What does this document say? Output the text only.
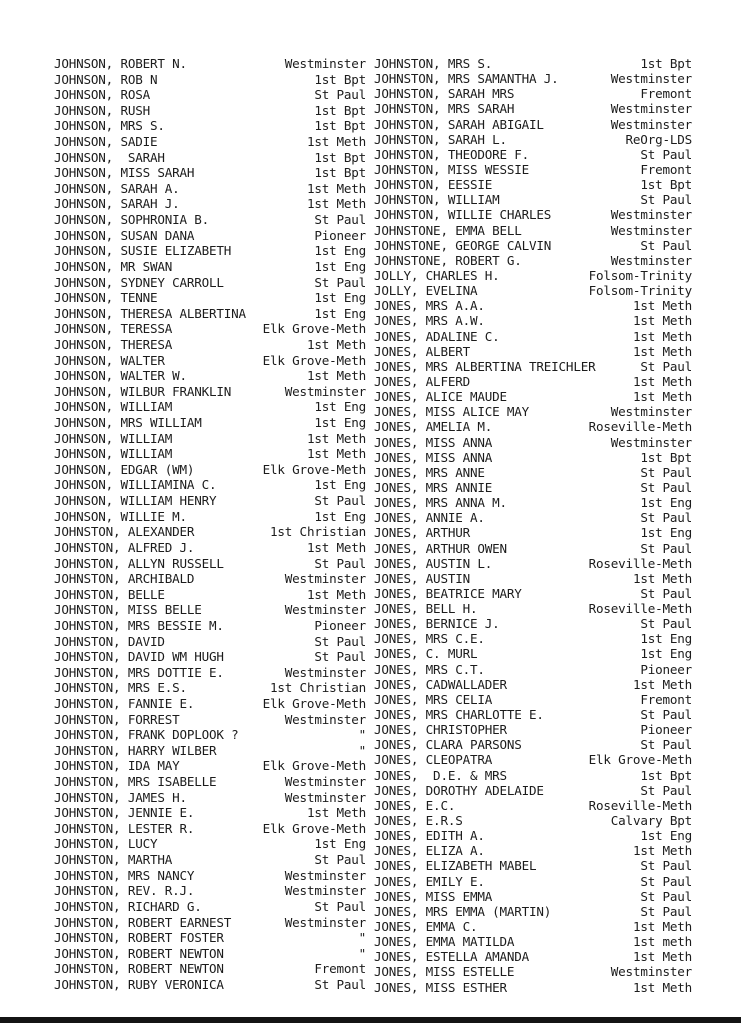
JOHNSON, ROBERT N.	Westminster
JOHNSON, ROB N	1st Bpt
JOHNSON, ROSA	St Paul
JOHNSON, RUSH	1st Bpt
JOHNSON, MRS S.	1st Bpt
JOHNSON, SADIE	1st Meth
JOHNSON,  SARAH	1st Bpt
JOHNSON, MISS SARAH	1st Bpt
JOHNSON, SARAH A.	1st Meth
JOHNSON, SARAH J.	1st Meth
JOHNSON, SOPHRONIA B.	St Paul
JOHNSON, SUSAN DANA	Pioneer
JOHNSON, SUSIE ELIZABETH	1st Eng
JOHNSON, MR SWAN	1st Eng
JOHNSON, SYDNEY CARROLL	St Paul
JOHNSON, TENNE	1st Eng
JOHNSON, THERESA ALBERTINA	1st Eng
JOHNSON, TERESSA	Elk Grove-Meth
JOHNSON, THERESA	1st Meth
JOHNSON, WALTER	Elk Grove-Meth
JOHNSON, WALTER W.	1st Meth
JOHNSON, WILBUR FRANKLIN	Westminster
JOHNSON, WILLIAM	1st Eng
JOHNSON, MRS WILLIAM	1st Eng
JOHNSON, WILLIAM	1st Meth
JOHNSON, WILLIAM	1st Meth
JOHNSON, EDGAR (WM)	Elk Grove-Meth
JOHNSON, WILLIAMINA C.	1st Eng
JOHNSON, WILLIAM HENRY	St Paul
JOHNSON, WILLIE M.	1st Eng
JOHNSTON, ALEXANDER	1st Christian
JOHNSTON, ALFRED J.	1st Meth
JOHNSTON, ALLYN RUSSELL	St Paul
JOHNSTON, ARCHIBALD	Westminster
JOHNSTON, BELLE	1st Meth
JOHNSTON, MISS BELLE	Westminster
JOHNSTON, MRS BESSIE M.	Pioneer
JOHNSTON, DAVID	St Paul
JOHNSTON, DAVID WM HUGH	St Paul
JOHNSTON, MRS DOTTIE E.	Westminster
JOHNSTON, MRS E.S.	1st Christian
JOHNSTON, FANNIE E.	Elk Grove-Meth
JOHNSTON, FORREST	Westminster
JOHNSTON, FRANK DOPLOOK ?	"
JOHNSTON, HARRY WILBER	"
JOHNSTON, IDA MAY	Elk Grove-Meth
JOHNSTON, MRS ISABELLE	Westminster
JOHNSTON, JAMES H.	Westminster
JOHNSTON, JENNIE E.	1st Meth
JOHNSTON, LESTER R.	Elk Grove-Meth
JOHNSTON, LUCY	1st Eng
JOHNSTON, MARTHA	St Paul
JOHNSTON, MRS NANCY	Westminster
JOHNSTON, REV. R.J.	Westminster
JOHNSTON, RICHARD G.	St Paul
JOHNSTON, ROBERT EARNEST	Westminster
JOHNSTON, ROBERT FOSTER	"
JOHNSTON, ROBERT NEWTON	"
JOHNSTON, ROBERT NEWTON	Fremont
JOHNSTON, RUBY VERONICA	St Paul
JOHNSTON, MRS S.	1st Bpt
JOHNSTON, MRS SAMANTHA J.	Westminster
JOHNSTON, SARAH MRS	Fremont
JOHNSTON, MRS SARAH	Westminster
JOHNSTON, SARAH ABIGAIL	Westminster
JOHNSTON, SARAH L.	ReOrg-LDS
JOHNSTON, THEODORE F.	St Paul
JOHNSTON, MISS WESSIE	Fremont
JOHNSTON, EESSIE	1st Bpt
JOHNSTON, WILLIAM	St Paul
JOHNSTON, WILLIE CHARLES	Westminster
JOHNSTONE, EMMA BELL	Westminster
JOHNSTONE, GEORGE CALVIN	St Paul
JOHNSTONE, ROBERT G.	Westminster
JOLLY, CHARLES H.	Folsom-Trinity
JOLLY, EVELINA	Folsom-Trinity
JONES, MRS A.A.	1st Meth
JONES, MRS A.W.	1st Meth
JONES, ADALINE C.	1st Meth
JONES, ALBERT	1st Meth
JONES, MRS ALBERTINA TREICHLER	St Paul
JONES, ALFERD	1st Meth
JONES, ALICE MAUDE	1st Meth
JONES, MISS ALICE MAY	Westminster
JONES, AMELIA M.	Roseville-Meth
JONES, MISS ANNA	Westminster
JONES, MISS ANNA	1st Bpt
JONES, MRS ANNE	St Paul
JONES, MRS ANNIE	St Paul
JONES, MRS ANNA M.	1st Eng
JONES, ANNIE A.	St Paul
JONES, ARTHUR	1st Eng
JONES, ARTHUR OWEN	St Paul
JONES, AUSTIN L.	Roseville-Meth
JONES, AUSTIN	1st Meth
JONES, BEATRICE MARY	St Paul
JONES, BELL H.	Roseville-Meth
JONES, BERNICE J.	St Paul
JONES, MRS C.E.	1st Eng
JONES, C. MURL	1st Eng
JONES, MRS C.T.	Pioneer
JONES, CADWALLADER	1st Meth
JONES, MRS CELIA	Fremont
JONES, MRS CHARLOTTE E.	St Paul
JONES, CHRISTOPHER	Pioneer
JONES, CLARA PARSONS	St Paul
JONES, CLEOPATRA	Elk Grove-Meth
JONES,  D.E. & MRS	1st Bpt
JONES, DOROTHY ADELAIDE	St Paul
JONES, E.C.	Roseville-Meth
JONES, E.R.S	Calvary Bpt
JONES, EDITH A.	1st Eng
JONES, ELIZA A.	1st Meth
JONES, ELIZABETH MABEL	St Paul
JONES, EMILY E.	St Paul
JONES, MISS EMMA	St Paul
JONES, MRS EMMA (MARTIN)	St Paul
JONES, EMMA C.	1st Meth
JONES, EMMA MATILDA	1st meth
JONES, ESTELLA AMANDA	1st Meth
JONES, MISS ESTELLE	Westminster
JONES, MISS ESTHER	1st Meth
